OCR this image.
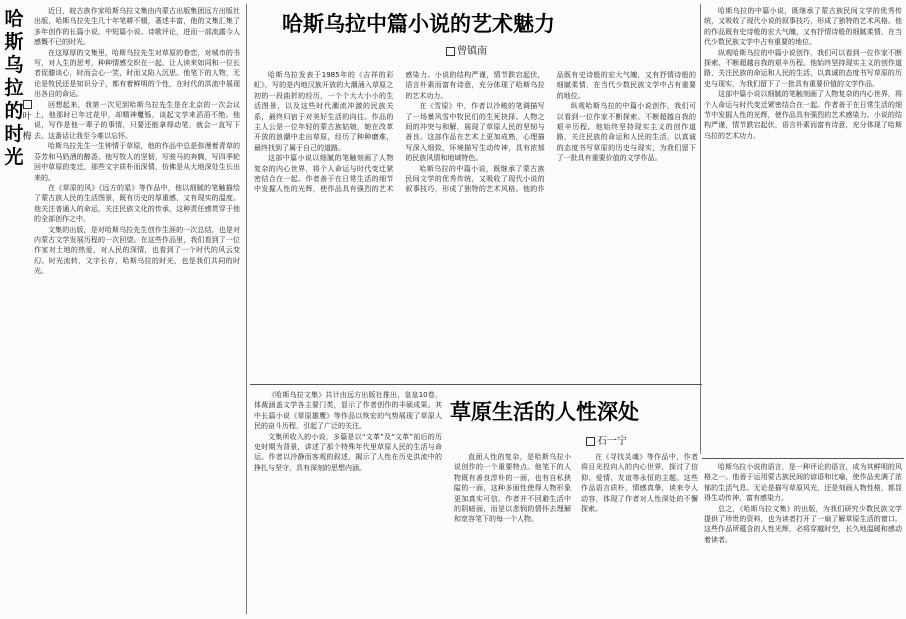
哈
斯
乌
拉
的
时
光
叶
梅

近日，皖古族作家哈斯乌拉文集由内蒙古出版集团远方出版社出版，哈斯乌拉先生几十年笔耕不辍，著述丰富，他的文集汇集了多年创作的长篇小说、中短篇小说、诗歌评论，进而一部流露今人感慨不已的时光。

在这厚厚的文集里，哈斯乌拉先生对草原的眷恋，对城市的书写，对人生的思考，种种情感交织在一起，让人读来如同和一位长者促膝谈心，时而会心一笑，时而又陷入沉思。他笔下的人物，无论是牧民还是知识分子，都有着鲜明的个性，在时代的洪流中展现出各自的命运。

回想起来，我第一次见到哈斯乌拉先生是在北京的一次会议上，他那时已年过花甲，却精神矍铄，谈起文学来滔滔不绝。他说，写作是他一辈子的事情，只要还能拿得动笔，就会一直写下去。这番话让我至今难以忘怀。

哈斯乌拉先生一生钟情于草原，他的作品中总是弥漫着青草的芬芳和马奶酒的醇香。他写牧人的坚韧，写骏马的奔腾，写四季轮回中草原的变迁，那些文字质朴而深情，仿佛是从大地深处生长出来的。

在《草原的风》《远方的星》等作品中，他以细腻的笔触描绘了蒙古族人民的生活图景，既有历史的厚重感，又有现实的温度。他关注普通人的命运，关注民族文化的传承，这种责任感贯穿于他的全部创作之中。

文集的出版，是对哈斯乌拉先生创作生涯的一次总结，也是对内蒙古文学发展历程的一次回望。在这些作品里，我们看到了一位作家对土地的热爱，对人民的深情，也看到了一个时代的风云变幻。时光流转，文字长存，哈斯乌拉的时光，也是我们共同的时光。

哈斯乌拉中篇小说的艺术魅力
曾镇南

哈斯乌拉发表于1985年的《吉祥的彩虹》，写的是内地汉族开放的大潮涌入草原之初的一段曲折的经历，一个个大大小小的生活图景，以及这些时代潮流冲激的民族关系，最终归宿于对美好生活的向往。作品的主人公是一位年轻的蒙古族姑娘，她在改革开放的浪潮中走出草原，经历了种种磨难，最终找到了属于自己的道路。

这部中篇小说以细腻的笔触刻画了人物复杂的内心世界，将个人命运与时代变迁紧密结合在一起。作者善于在日常生活的细节中发掘人性的光辉，使作品具有强烈的艺术感染力。小说的结构严谨，情节跌宕起伏，语言朴素而富有诗意，充分体现了哈斯乌拉的艺术功力。

在《雪原》中，作者以冷峻的笔调描写了一场暴风雪中牧民们的生死抉择。人物之间的冲突与和解，展现了草原人民的坚韧与善良。这部作品在艺术上更加成熟，心理描写深入细致，环境描写生动传神，具有浓郁的民族风情和地域特色。

哈斯乌拉的中篇小说，既继承了蒙古族民间文学的优秀传统，又吸收了现代小说的叙事技巧，形成了独特的艺术风格。他的作品既有史诗般的宏大气魄，又有抒情诗般的细腻柔情，在当代少数民族文学中占有重要的地位。

纵观哈斯乌拉的中篇小说创作，我们可以看到一位作家不断探索、不断超越自我的艰辛历程。他始终坚持现实主义的创作道路，关注民族的命运和人民的生活，以真诚的态度书写草原的历史与现实，为我们留下了一批具有重要价值的文学作品。

哈斯乌拉的中篇小说，既继承了蒙古族民间文学的优秀传统，又吸收了现代小说的叙事技巧，形成了独特的艺术风格。他的作品既有史诗般的宏大气魄，又有抒情诗般的细腻柔情，在当代少数民族文学中占有重要的地位。

纵观哈斯乌拉的中篇小说创作，我们可以看到一位作家不断探索、不断超越自我的艰辛历程。他始终坚持现实主义的创作道路，关注民族的命运和人民的生活，以真诚的态度书写草原的历史与现实，为我们留下了一批具有重要价值的文学作品。

这部中篇小说以细腻的笔触刻画了人物复杂的内心世界，将个人命运与时代变迁紧密结合在一起。作者善于在日常生活的细节中发掘人性的光辉，使作品具有强烈的艺术感染力。小说的结构严谨，情节跌宕起伏，语言朴素而富有诗意，充分体现了哈斯乌拉的艺术功力。

草原生活的人性深处
石一宁

《哈斯乌拉文集》共计由远方出版社推出，皇皇10卷，体裁涵盖文学各主要门类，显示了作者创作的丰硕成果。其中长篇小说《草原雄鹰》等作品以恢宏的气势展现了草原人民的奋斗历程，引起了广泛的关注。

文集所收入的小说，多篇是以“文革”及“文革”前后的历史时期为背景，讲述了那个特殊年代里草原人民的生活与命运。作者以冷静而客观的叙述，揭示了人性在历史洪流中的挣扎与坚守，具有深刻的思想内涵。

直面人性的复杂，是哈斯乌拉小说创作的一个重要特点。他笔下的人物既有善良淳朴的一面，也有自私狭隘的一面，这种多面性使得人物形象更加真实可信。作者并不回避生活中的阴暗面，而是以悲悯的情怀去理解和宽容笔下的每一个人物。

在《寻找灵魂》等作品中，作者将目光投向人的内心世界，探讨了信仰、爱情、友谊等永恒的主题。这些作品语言质朴，情感真挚，读来令人动容，体现了作者对人性深处的不懈探索。

哈斯乌拉小说的语言，是一种评论的语言，成为其鲜明的风格之一。他善于运用蒙古族民间的谚语和比喻，使作品充满了浓郁的生活气息。无论是描写草原风光，还是刻画人物性格，都显得生动传神，富有感染力。

总之，《哈斯乌拉文集》的出版，为我们研究少数民族文学提供了珍贵的资料，也为读者打开了一扇了解草原生活的窗口。这些作品所蕴含的人性光辉，必将穿越时空，长久地温暖和感动着读者。
